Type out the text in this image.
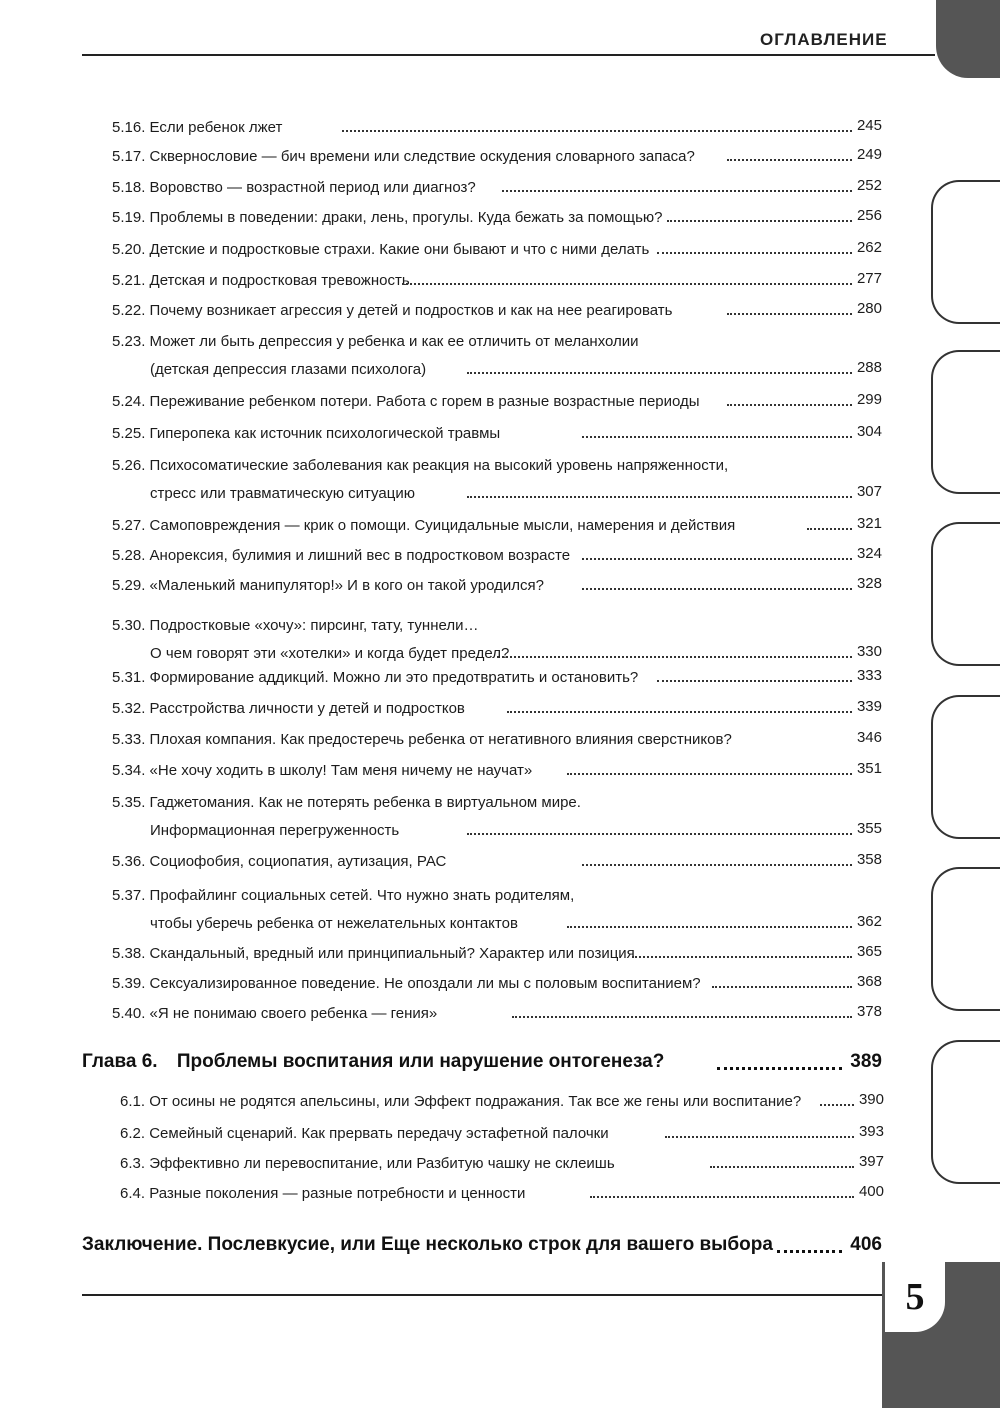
ОГЛАВЛЕНИЕ
5.16. Если ребенок лжет	245
5.17. Сквернословие — бич времени или следствие оскудения словарного запаса?	249
5.18. Воровство — возрастной период или диагноз?	252
5.19. Проблемы в поведении: драки, лень, прогулы. Куда бежать за помощью?	256
5.20. Детские и подростковые страхи. Какие они бывают и что с ними делать	262
5.21. Детская и подростковая тревожность	277
5.22. Почему возникает агрессия у детей и подростков и как на нее реагировать	280
5.23. Может ли быть депрессия у ребенка и как ее отличить от меланхолии
(детская депрессия глазами психолога)	288
5.24. Переживание ребенком потери. Работа с горем в разные возрастные периоды	299
5.25. Гиперопека как источник психологической травмы	304
5.26. Психосоматические заболевания как реакция на высокий уровень напряженности,
стресс или травматическую ситуацию	307
5.27. Самоповреждения — крик о помощи. Суицидальные мысли, намерения и действия	321
5.28. Анорексия, булимия и лишний вес в подростковом возрасте	324
5.29. «Маленький манипулятор!» И в кого он такой уродился?	328
5.30. Подростковые «хочу»: пирсинг, тату, туннели…
О чем говорят эти «хотелки» и когда будет предел?	330
5.31. Формирование аддикций. Можно ли это предотвратить и остановить?	333
5.32. Расстройства личности у детей и подростков	339
5.33. Плохая компания. Как предостеречь ребенка от негативного влияния сверстников?	346
5.34. «Не хочу ходить в школу! Там меня ничему не научат»	351
5.35. Гаджетомания. Как не потерять ребенка в виртуальном мире.
Информационная перегруженность	355
5.36. Социофобия, социопатия, аутизация, РАС	358
5.37. Профайлинг социальных сетей. Что нужно знать родителям,
чтобы уберечь ребенка от нежелательных контактов	362
5.38. Скандальный, вредный или принципиальный? Характер или позиция	365
5.39. Сексуализированное поведение. Не опоздали ли мы с половым воспитанием?	368
5.40. «Я не понимаю своего ребенка — гения»	378
Глава 6. Проблемы воспитания или нарушение онтогенеза?	389
6.1. От осины не родятся апельсины, или Эффект подражания. Так все же гены или воспитание?	390
6.2. Семейный сценарий. Как прервать передачу эстафетной палочки	393
6.3. Эффективно ли перевоспитание, или Разбитую чашку не склеишь	397
6.4. Разные поколения — разные потребности и ценности	400
Заключение. Послевкусие, или Еще несколько строк для вашего выбора	406
5
